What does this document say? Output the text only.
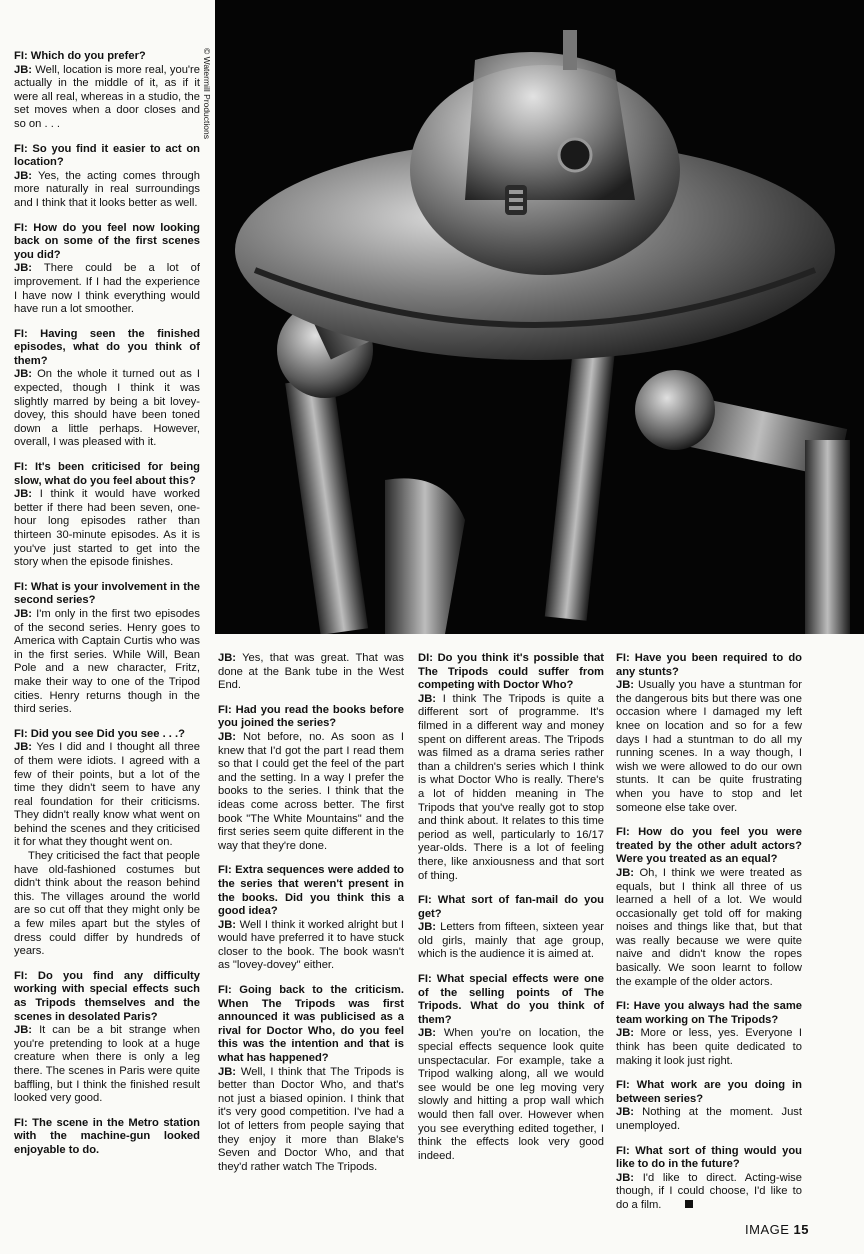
© Watermill Productions

FI: Which do you prefer?
JB: Well, location is more real, you're actually in the middle of it, as if it were all real, whereas in a studio, the set moves when a door closes and so on . . .

FI: So you find it easier to act on location?
JB: Yes, the acting comes through more naturally in real surroundings and I think that it looks better as well.

FI: How do you feel now looking back on some of the first scenes you did?
JB: There could be a lot of improvement. If I had the experience I have now I think everything would have run a lot smoother.

FI: Having seen the finished episodes, what do you think of them?
JB: On the whole it turned out as I expected, though I think it was slightly marred by being a bit lovey-dovey, this should have been toned down a little perhaps. However, overall, I was pleased with it.

FI: It's been criticised for being slow, what do you feel about this?
JB: I think it would have worked better if there had been seven, one-hour long episodes rather than thirteen 30-minute episodes. As it is you've just started to get into the story when the episode finishes.

FI: What is your involvement in the second series?
JB: I'm only in the first two episodes of the second series. Henry goes to America with Captain Curtis who was in the first series. While Will, Bean Pole and a new character, Fritz, make their way to one of the Tripod cities. Henry returns though in the third series.

FI: Did you see Did you see . . .?
JB: Yes I did and I thought all three of them were idiots. I agreed with a few of their points, but a lot of the time they didn't seem to have any real foundation for their criticisms. They didn't really know what went on behind the scenes and they criticised it for what they thought went on.

They criticised the fact that people have old-fashioned costumes but didn't think about the reason behind this. The villages around the world are so cut off that they might only be a few miles apart but the styles of dress could differ by hundreds of years.

FI: Do you find any difficulty working with special effects such as Tripods themselves and the scenes in desolated Paris?
JB: It can be a bit strange when you're pretending to look at a huge creature when there is only a leg there. The scenes in Paris were quite baffling, but I think the finished result looked very good.

FI: The scene in the Metro station with the machine-gun looked enjoyable to do.

JB: Yes, that was great. That was done at the Bank tube in the West End.

FI: Had you read the books before you joined the series?
JB: Not before, no. As soon as I knew that I'd got the part I read them so that I could get the feel of the part and the setting. In a way I prefer the books to the series. I think that the ideas come across better. The first book "The White Mountains" and the first series seem quite different in the way that they're done.

FI: Extra sequences were added to the series that weren't present in the books. Did you think this a good idea?
JB: Well I think it worked alright but I would have preferred it to have stuck closer to the book. The book wasn't as "lovey-dovey" either.

FI: Going back to the criticism. When The Tripods was first announced it was publicised as a rival for Doctor Who, do you feel this was the intention and that is what has happened?
JB: Well, I think that The Tripods is better than Doctor Who, and that's not just a biased opinion. I think that it's very good competition. I've had a lot of letters from people saying that they enjoy it more than Blake's Seven and Doctor Who, and that they'd rather watch The Tripods.

DI: Do you think it's possible that The Tripods could suffer from competing with Doctor Who?
JB: I think The Tripods is quite a different sort of programme. It's filmed in a different way and money spent on different areas. The Tripods was filmed as a drama series rather than a children's series which I think is what Doctor Who is really. There's a lot of hidden meaning in The Tripods that you've really got to stop and think about. It relates to this time period as well, particularly to 16/17 year-olds. There is a lot of feeling there, like anxiousness and that sort of thing.

FI: What sort of fan-mail do you get?
JB: Letters from fifteen, sixteen year old girls, mainly that age group, which is the audience it is aimed at.

FI: What special effects were one of the selling points of The Tripods. What do you think of them?
JB: When you're on location, the special effects sequence look quite unspectacular. For example, take a Tripod walking along, all we would see would be one leg moving very slowly and hitting a prop wall which would then fall over. However when you see everything edited together, I think the effects look very good indeed.

FI: Have you been required to do any stunts?
JB: Usually you have a stuntman for the dangerous bits but there was one occasion where I damaged my left knee on location and so for a few days I had a stuntman to do all my running scenes. In a way though, I wish we were allowed to do our own stunts. It can be quite frustrating when you have to stop and let someone else take over.

FI: How do you feel you were treated by the other adult actors? Were you treated as an equal?
JB: Oh, I think we were treated as equals, but I think all three of us learned a hell of a lot. We would occasionally get told off for making noises and things like that, but that was really because we were quite naive and didn't know the ropes basically. We soon learnt to follow the example of the older actors.

FI: Have you always had the same team working on The Tripods?
JB: More or less, yes. Everyone I think has been quite dedicated to making it look just right.

FI: What work are you doing in between series?
JB: Nothing at the moment. Just unemployed.

FI: What sort of thing would you like to do in the future?
JB: I'd like to direct. Acting-wise though, if I could choose, I'd like to do a film.

IMAGE 15
